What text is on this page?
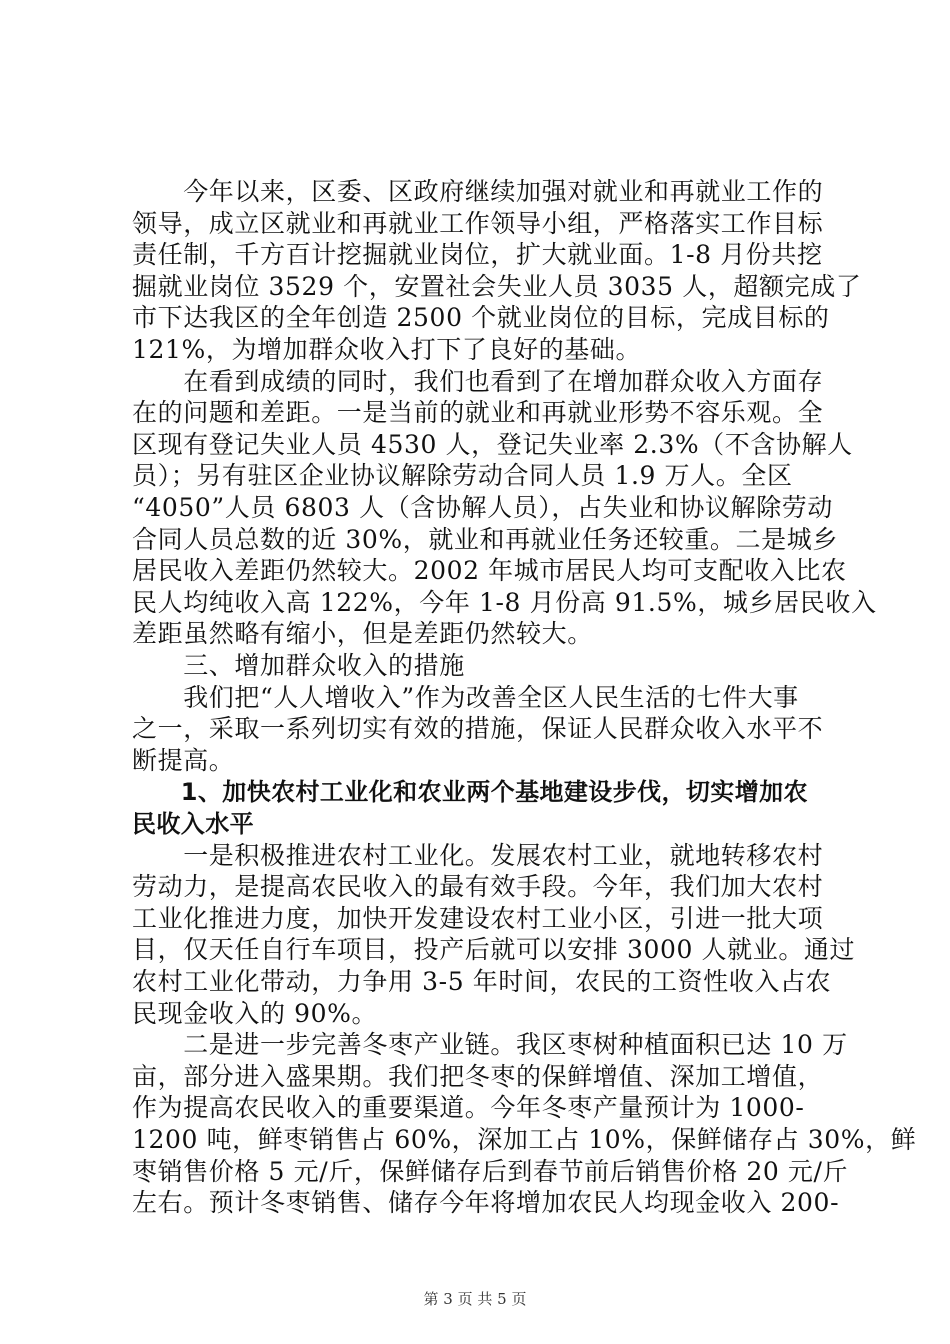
　　今年以来，区委、区政府继续加强对就业和再就业工作的
领导，成立区就业和再就业工作领导小组，严格落实工作目标
责任制，千方百计挖掘就业岗位，扩大就业面。1-8 月份共挖
掘就业岗位 3529 个，安置社会失业人员 3035 人，超额完成了
市下达我区的全年创造 2500 个就业岗位的目标，完成目标的
121%，为增加群众收入打下了良好的基础。
　　在看到成绩的同时，我们也看到了在增加群众收入方面存
在的问题和差距。一是当前的就业和再就业形势不容乐观。全
区现有登记失业人员 4530 人，登记失业率 2.3%（不含协解人
员）；另有驻区企业协议解除劳动合同人员 1.9 万人。全区
“4050”人员 6803 人（含协解人员），占失业和协议解除劳动
合同人员总数的近 30%，就业和再就业任务还较重。二是城乡
居民收入差距仍然较大。2002 年城市居民人均可支配收入比农
民人均纯收入高 122%，今年 1-8 月份高 91.5%，城乡居民收入
差距虽然略有缩小，但是差距仍然较大。
　　三、增加群众收入的措施
　　我们把“人人增收入”作为改善全区人民生活的七件大事
之一，采取一系列切实有效的措施，保证人民群众收入水平不
断提高。
　　1、加快农村工业化和农业两个基地建设步伐，切实增加农
民收入水平
　　一是积极推进农村工业化。发展农村工业，就地转移农村
劳动力，是提高农民收入的最有效手段。今年，我们加大农村
工业化推进力度，加快开发建设农村工业小区，引进一批大项
目，仅天任自行车项目，投产后就可以安排 3000 人就业。通过
农村工业化带动，力争用 3-5 年时间，农民的工资性收入占农
民现金收入的 90%。
　　二是进一步完善冬枣产业链。我区枣树种植面积已达 10 万
亩，部分进入盛果期。我们把冬枣的保鲜增值、深加工增值，
作为提高农民收入的重要渠道。今年冬枣产量预计为 1000-
1200 吨，鲜枣销售占 60%，深加工占 10%，保鲜储存占 30%，鲜
枣销售价格 5 元/斤，保鲜储存后到春节前后销售价格 20 元/斤
左右。预计冬枣销售、储存今年将增加农民人均现金收入 200-
第 3 页 共 5 页
